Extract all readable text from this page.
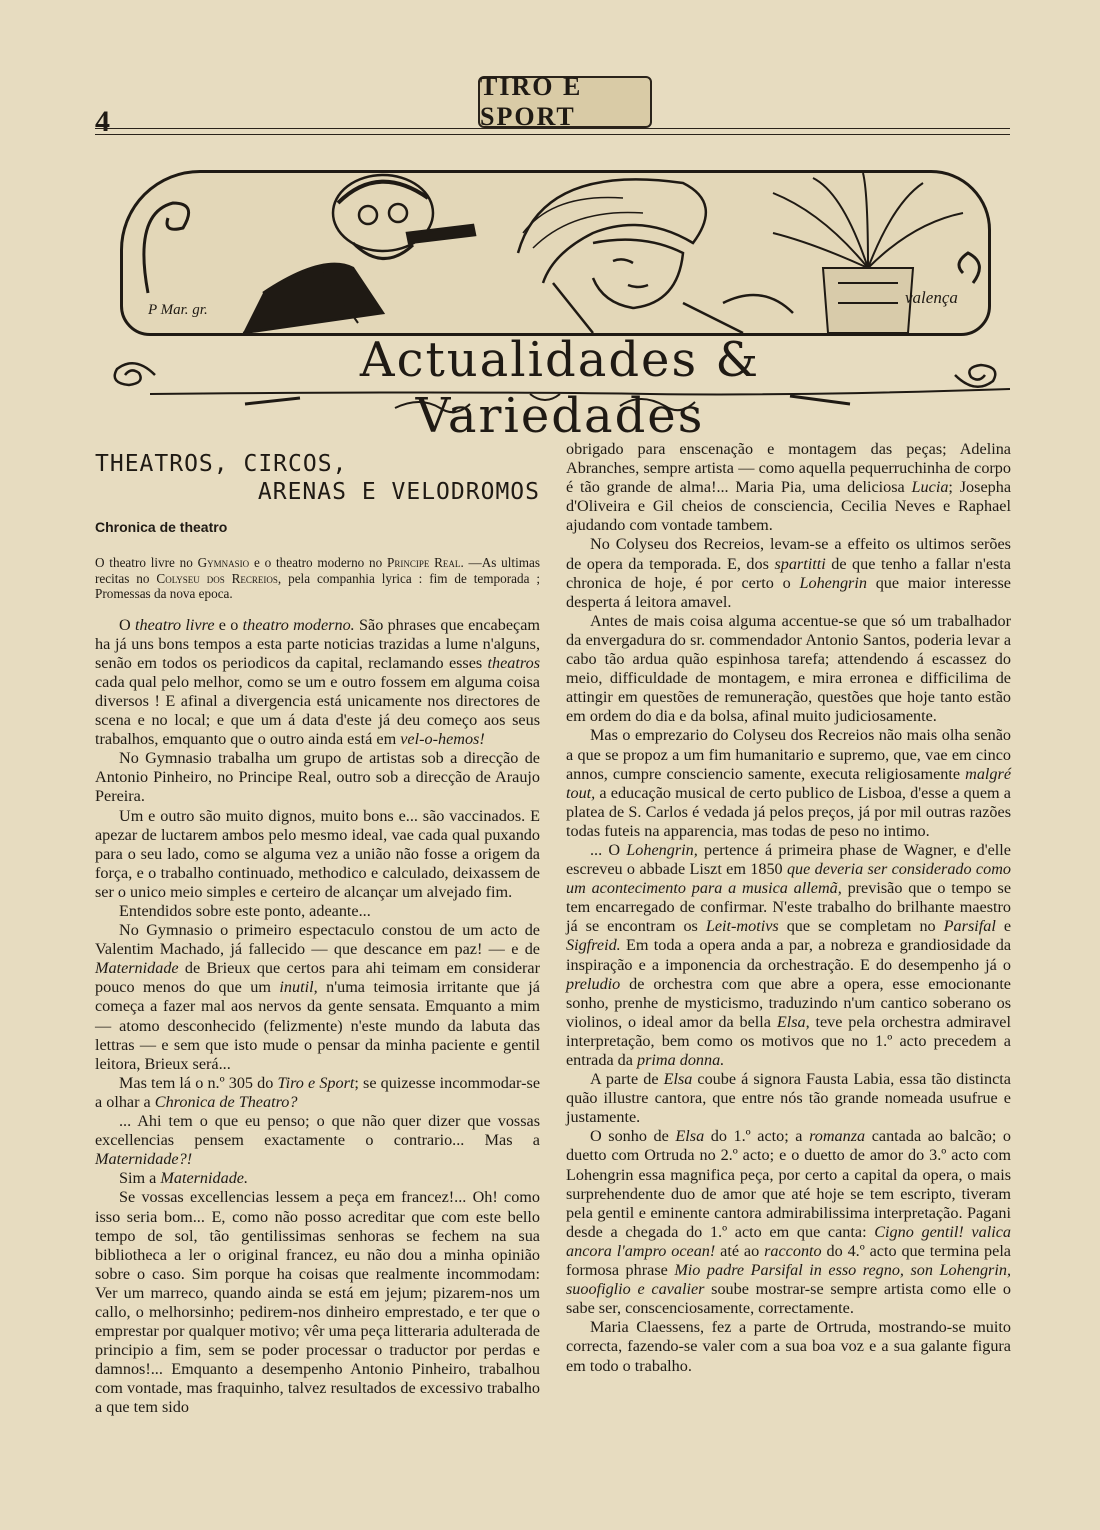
4
TIRO E SPORT
P Mar. gr.
valença
Actualidades & Variedades
THEATROS, CIRCOS,
ARENAS E VELODROMOS
Chronica de theatro
O theatro livre no Gymnasio e o theatro moderno no Principe Real. —As ultimas recitas no Colyseu dos Recreios, pela companhia lyrica : fim de temporada ; Promessas da nova epoca.

O theatro livre e o theatro moderno. São phrases que encabeçam ha já uns bons tempos a esta parte noticias trazidas a lume n'alguns, senão em todos os periodicos da capital, reclamando esses theatros cada qual pelo melhor, como se um e outro fossem em alguma coisa diversos ! E afinal a divergencia está unicamente nos directores de scena e no local; e que um á data d'este já deu começo aos seus trabalhos, emquanto que o outro ainda está em vel-o-hemos!

No Gymnasio trabalha um grupo de artistas sob a direcção de Antonio Pinheiro, no Principe Real, outro sob a direcção de Araujo Pereira.

Um e outro são muito dignos, muito bons e... são vaccinados. E apezar de luctarem ambos pelo mesmo ideal, vae cada qual puxando para o seu lado, como se alguma vez a união não fosse a origem da força, e o trabalho continuado, methodico e calculado, deixassem de ser o unico meio simples e certeiro de alcançar um alvejado fim.

Entendidos sobre este ponto, adeante...

No Gymnasio o primeiro espectaculo constou de um acto de Valentim Machado, já fallecido — que descance em paz! — e de Maternidade de Brieux que certos para ahi teimam em considerar pouco menos do que um inutil, n'uma teimosia irritante que já começa a fazer mal aos nervos da gente sensata. Emquanto a mim — atomo desconhecido (felizmente) n'este mundo da labuta das lettras — e sem que isto mude o pensar da minha paciente e gentil leitora, Brieux será...

Mas tem lá o n.º 305 do Tiro e Sport; se quizesse incommodar-se a olhar a Chronica de Theatro?

... Ahi tem o que eu penso; o que não quer dizer que vossas excellencias pensem exactamente o contrario... Mas a Maternidade?!

Sim a Maternidade.

Se vossas excellencias lessem a peça em francez!... Oh! como isso seria bom... E, como não posso acreditar que com este bello tempo de sol, tão gentilissimas senhoras se fechem na sua bibliotheca a ler o original francez, eu não dou a minha opinião sobre o caso. Sim porque ha coisas que realmente incommodam: Ver um marreco, quando ainda se está em jejum; pizarem-nos um callo, o melhorsinho; pedirem-nos dinheiro emprestado, e ter que o emprestar por qualquer motivo; vêr uma peça litteraria adulterada de principio a fim, sem se poder processar o traductor por perdas e damnos!... Emquanto a desempenho Antonio Pinheiro, trabalhou com vontade, mas fraquinho, talvez resultados de excessivo trabalho a que tem sido

obrigado para enscenação e montagem das peças; Adelina Abranches, sempre artista — como aquella pequerruchinha de corpo é tão grande de alma!... Maria Pia, uma deliciosa Lucia; Josepha d'Oliveira e Gil cheios de consciencia, Cecilia Neves e Raphael ajudando com vontade tambem.

No Colyseu dos Recreios, levam-se a effeito os ultimos serões de opera da temporada. E, dos spartitti de que tenho a fallar n'esta chronica de hoje, é por certo o Lohengrin que maior interesse desperta á leitora amavel.

Antes de mais coisa alguma accentue-se que só um trabalhador da envergadura do sr. commendador Antonio Santos, poderia levar a cabo tão ardua quão espinhosa tarefa; attendendo á escassez do meio, difficuldade de montagem, e mira erronea e difficilima de attingir em questões de remuneração, questões que hoje tanto estão em ordem do dia e da bolsa, afinal muito judiciosamente.

Mas o emprezario do Colyseu dos Recreios não mais olha senão a que se propoz a um fim humanitario e supremo, que, vae em cinco annos, cumpre consciencio samente, executa religiosamente malgré tout, a educação musical de certo publico de Lisboa, d'esse a quem a platea de S. Carlos é vedada já pelos preços, já por mil outras razões todas futeis na apparencia, mas todas de peso no intimo.

... O Lohengrin, pertence á primeira phase de Wagner, e d'elle escreveu o abbade Liszt em 1850 que deveria ser considerado como um acontecimento para a musica allemã, previsão que o tempo se tem encarregado de confirmar. N'este trabalho do brilhante maestro já se encontram os Leit-motivs que se completam no Parsifal e Sigfreid. Em toda a opera anda a par, a nobreza e grandiosidade da inspiração e a imponencia da orchestração. E do desempenho já o preludio de orchestra com que abre a opera, esse emocionante sonho, prenhe de mysticismo, traduzindo n'um cantico soberano os violinos, o ideal amor da bella Elsa, teve pela orchestra admiravel interpretação, bem como os motivos que no 1.º acto precedem a entrada da prima donna.

A parte de Elsa coube á signora Fausta Labia, essa tão distincta quão illustre cantora, que entre nós tão grande nomeada usufrue e justamente.

O sonho de Elsa do 1.º acto; a romanza cantada ao balcão; o duetto com Ortruda no 2.º acto; e o duetto de amor do 3.º acto com Lohengrin essa magnifica peça, por certo a capital da opera, o mais surprehendente duo de amor que até hoje se tem escripto, tiveram pela gentil e eminente cantora admirabilissima interpretação. Pagani desde a chegada do 1.º acto em que canta: Cigno gentil! valica ancora l'ampro ocean! até ao racconto do 4.º acto que termina pela formosa phrase Mio padre Parsifal in esso regno, son Lohengrin, suoofiglio e cavalier soube mostrar-se sempre artista como elle o sabe ser, conscenciosamente, correctamente.

Maria Claessens, fez a parte de Ortruda, mostrando-se muito correcta, fazendo-se valer com a sua boa voz e a sua galante figura em todo o trabalho.
